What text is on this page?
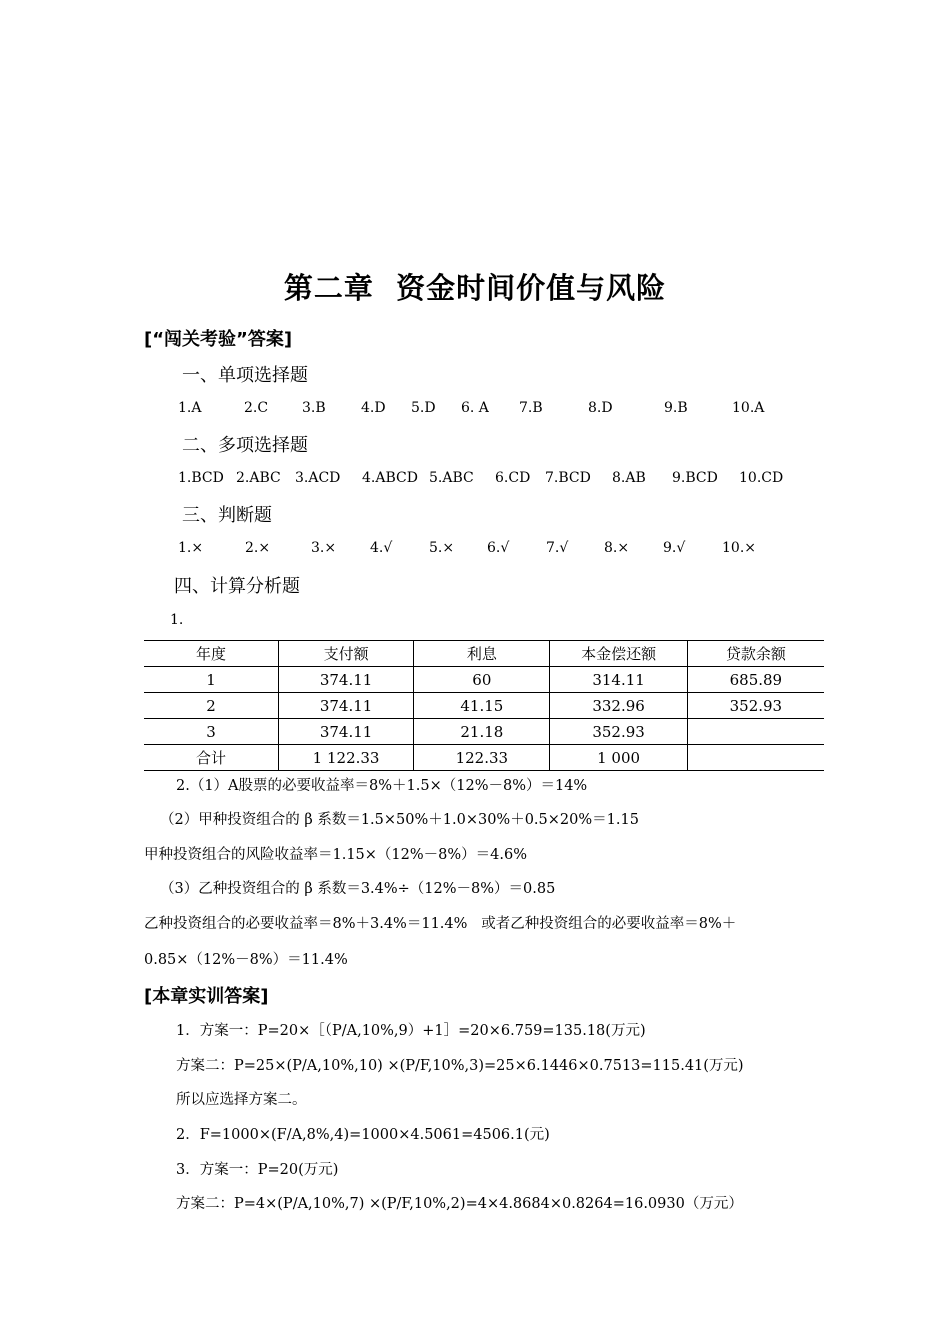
第二章  资金时间价值与风险
[“闯关考验”答案]
一、单项选择题
1.A	2.C 3.B	4.D 5.D 6. A 7.B	8.D	9.B	10.A
二、多项选择题
1.BCD 2.ABC 3.ACD 4.ABCD 5.ABC 6.CD 7.BCD 8.AB 9.BCD 10.CD
三、判断题
1.×	2.×	3.× 4.√	5.× 6.√	7.√	8.× 9.√	10.×
四、计算分析题
1.
年度	支付额	利息	本金偿还额	贷款余额
1	374.11	60	314.11	685.89
2	374.11	41.15	332.96	352.93
3	374.11	21.18	352.93	
合计	1 122.33	122.33	1 000	
2.（1）A股票的必要收益率＝8%＋1.5×（12%－8%）＝14%
（2）甲种投资组合的 β 系数＝1.5×50%＋1.0×30%＋0.5×20%＝1.15
甲种投资组合的风险收益率＝1.15×（12%－8%）＝4.6%
（3）乙种投资组合的 β 系数＝3.4%÷（12%－8%）＝0.85
乙种投资组合的必要收益率＝8%＋3.4%＝11.4%   或者乙种投资组合的必要收益率＝8%＋
0.85×（12%－8%）＝11.4%
[本章实训答案]
1．方案一：P=20×［（P/A,10%,9）+1］=20×6.759=135.18(万元)
方案二：P=25×(P/A,10%,10) ×(P/F,10%,3)=25×6.1446×0.7513=115.41(万元)
所以应选择方案二。
2．F=1000×(F/A,8%,4)=1000×4.5061=4506.1(元)
3．方案一：P=20(万元)
方案二：P=4×(P/A,10%,7) ×(P/F,10%,2)=4×4.8684×0.8264=16.0930（万元）
